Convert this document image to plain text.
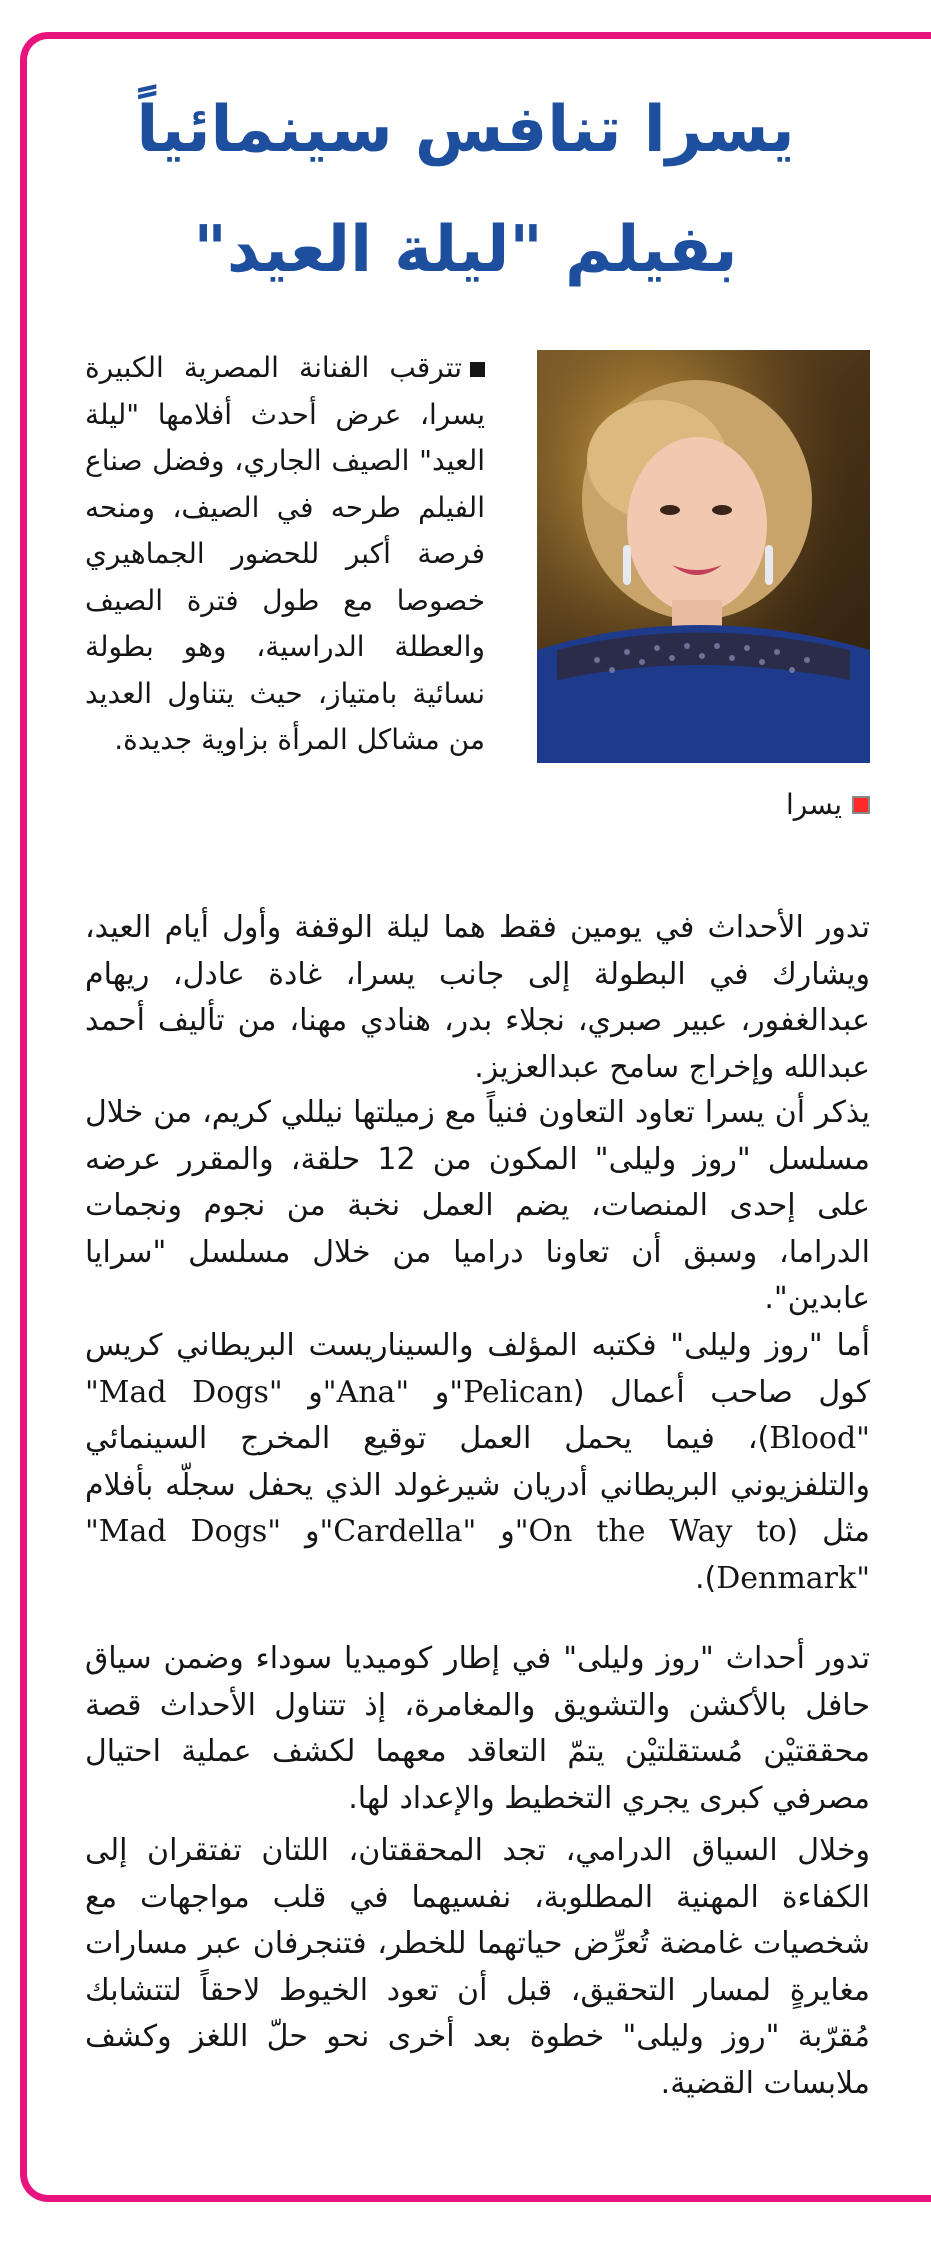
يسرا تنافس سينمائياً
بفيلم "ليلة العيد"
يسرا

تترقب الفنانة المصرية الكبيرة يسرا، عرض أحدث أفلامها "ليلة العيد" الصيف الجاري، وفضل صناع الفيلم طرحه في الصيف، ومنحه فرصة أكبر للحضور الجماهيري خصوصا مع طول فترة الصيف والعطلة الدراسية، وهو بطولة نسائية بامتياز، حيث يتناول العديد من مشاكل المرأة بزاوية جديدة.

تدور الأحداث في يومين فقط هما ليلة الوقفة وأول أيام العيد، ويشارك في البطولة إلى جانب يسرا، غادة عادل، ريهام عبدالغفور، عبير صبري، نجلاء بدر، هنادي مهنا، من تأليف أحمد عبدالله وإخراج سامح عبدالعزيز.

يذكر أن يسرا تعاود التعاون فنياً مع زميلتها نيللي كريم، من خلال مسلسل "روز وليلى" المكون من 12 حلقة، والمقرر عرضه على إحدى المنصات، يضم العمل نخبة من نجوم ونجمات الدراما، وسبق أن تعاونا دراميا من خلال مسلسل "سرايا عابدين".

أما "روز وليلى" فكتبه المؤلف والسيناريست البريطاني كريس كول صاحب أعمال ("Mad Dogs" و"Ana" و"Pelican Blood")، فيما يحمل العمل توقيع المخرج السينمائي والتلفزيوني البريطاني أدريان شيرغولد الذي يحفل سجلّه بأفلام مثل ("Mad Dogs" و"Cardella" و"On the Way to Denmark").

تدور أحداث "روز وليلى" في إطار كوميديا سوداء وضمن سياق حافل بالأكشن والتشويق والمغامرة، إذ تتناول الأحداث قصة محققتيْن مُستقلتيْن يتمّ التعاقد معهما لكشف عملية احتيال مصرفي كبرى يجري التخطيط والإعداد لها.

وخلال السياق الدرامي، تجد المحققتان، اللتان تفتقران إلى الكفاءة المهنية المطلوبة، نفسيهما في قلب مواجهات مع شخصيات غامضة تُعرِّض حياتهما للخطر، فتنجرفان عبر مسارات مغايرةٍ لمسار التحقيق، قبل أن تعود الخيوط لاحقاً لتتشابك مُقرّبة "روز وليلى" خطوة بعد أخرى نحو حلّ اللغز وكشف ملابسات القضية.
